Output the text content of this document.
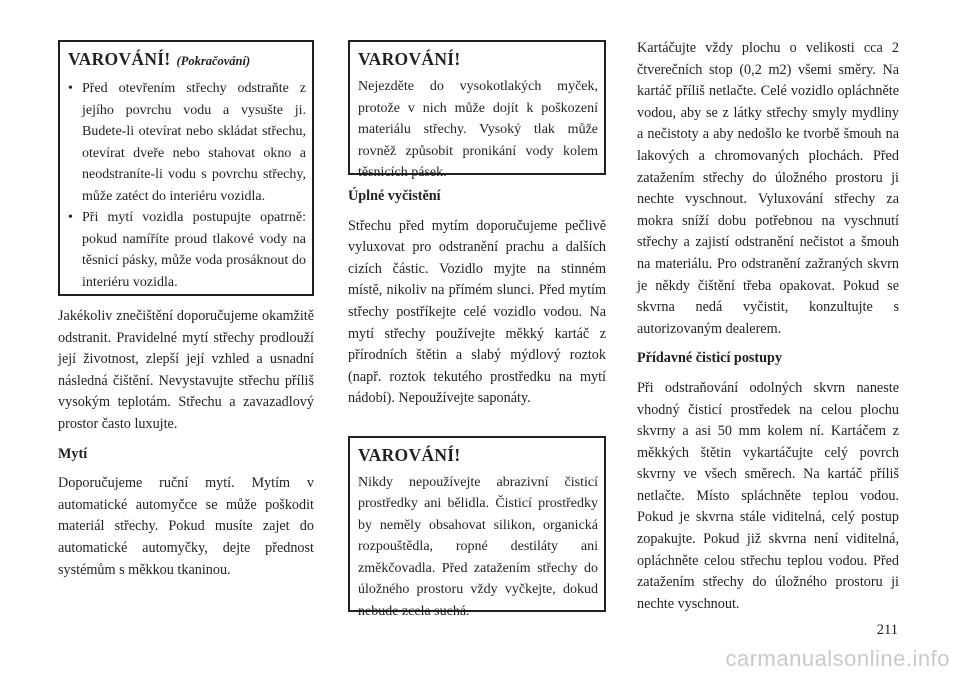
VAROVÁNÍ! (Pokračování)
• Před otevřením střechy odstraňte z jejího povrchu vodu a vysušte ji. Budete-li otevírat nebo skládat střechu, otevírat dveře nebo stahovat okno a neodstraníte-li vodu s povrchu střechy, může zatéct do interiéru vozidla.
• Při mytí vozidla postupujte opatrně: pokud namíříte proud tlakové vody na těsnicí pásky, může voda prosáknout do interiéru vozidla.

Jakékoliv znečištění doporučujeme okamžitě odstranit. Pravidelné mytí střechy prodlouží její životnost, zlepší její vzhled a usnadní následná čištění. Nevystavujte střechu příliš vysokým teplotám. Střechu a zavazadlový prostor často luxujte.

Mytí

Doporučujeme ruční mytí. Mytím v automatické automyčce se může poškodit materiál střechy. Pokud musíte zajet do automatické automyčky, dejte přednost systémům s měkkou tkaninou.

VAROVÁNÍ!

Nejezděte do vysokotlakých myček, protože v nich může dojít k poškození materiálu střechy. Vysoký tlak může rovněž způsobit pronikání vody kolem těsnicích pásek.

Úplné vyčistění

Střechu před mytím doporučujeme pečlivě vyluxovat pro odstranění prachu a dalších cizích částic. Vozidlo myjte na stinném místě, nikoliv na přímém slunci. Před mytím střechy postříkejte celé vozidlo vodou. Na mytí střechy používejte měkký kartáč z přírodních štětin a slabý mýdlový roztok (např. roztok tekutého prostředku na mytí nádobí). Nepoužívejte saponáty.

VAROVÁNÍ!

Nikdy nepoužívejte abrazivní čisticí prostředky ani bělidla. Čisticí prostředky by neměly obsahovat silikon, organická rozpouštědla, ropné destiláty ani změkčovadla. Před zatažením střechy do úložného prostoru vždy vyčkejte, dokud nebude zcela suchá.

Kartáčujte vždy plochu o velikosti cca 2 čtverečních stop (0,2 m2) všemi směry. Na kartáč příliš netlačte. Celé vozidlo opláchněte vodou, aby se z látky střechy smyly mydliny a nečistoty a aby nedošlo ke tvorbě šmouh na lakových a chromovaných plochách. Před zatažením střechy do úložného prostoru ji nechte vyschnout. Vyluxování střechy za mokra sníží dobu potřebnou na vyschnutí střechy a zajistí odstranění nečistot a šmouh na materiálu. Pro odstranění zažraných skvrn je někdy čištění třeba opakovat. Pokud se skvrna nedá vyčistit, konzultujte s autorizovaným dealerem.

Přídavné čisticí postupy

Při odstraňování odolných skvrn naneste vhodný čisticí prostředek na celou plochu skvrny a asi 50 mm kolem ní. Kartáčem z měkkých štětin vykartáčujte celý povrch skvrny ve všech směrech. Na kartáč příliš netlačte. Místo spláchněte teplou vodou. Pokud je skvrna stále viditelná, celý postup zopakujte. Pokud již skvrna není viditelná, opláchněte celou střechu teplou vodou. Před zatažením střechy do úložného prostoru ji nechte vyschnout.

211
carmanualsonline.info
